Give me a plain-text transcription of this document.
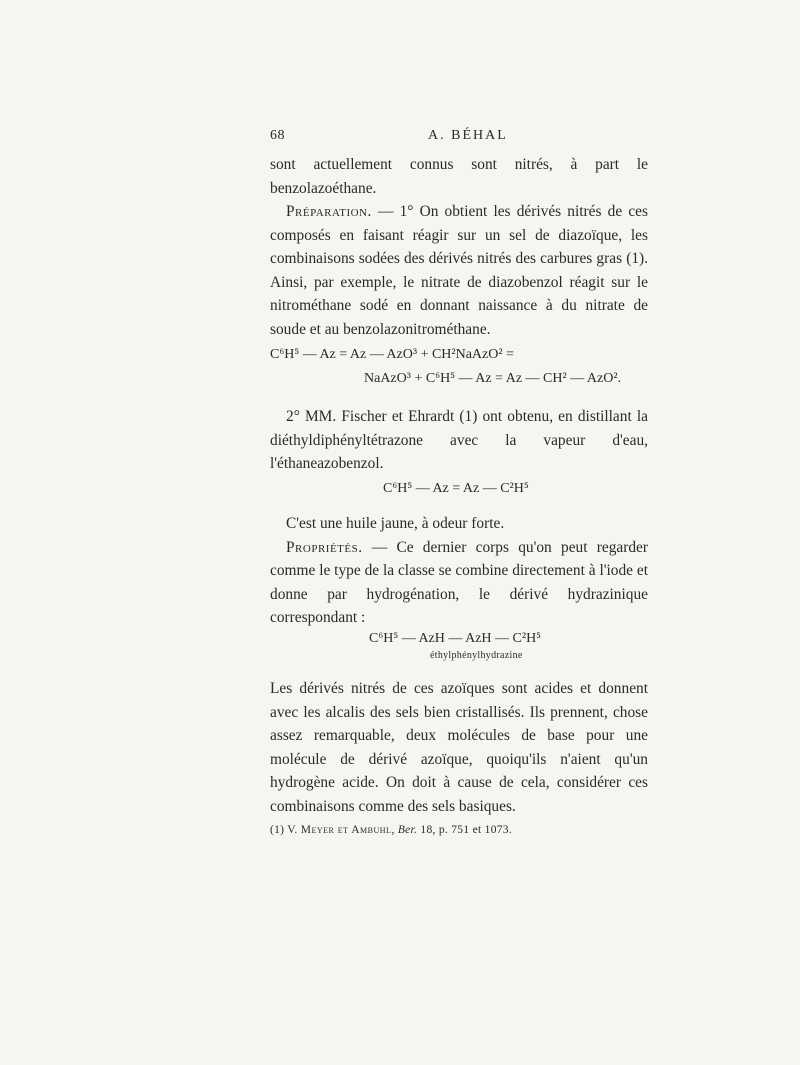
68	A. BÉHAL

sont actuellement connus sont nitrés, à part le benzolazoéthane.

Préparation. — 1° On obtient les dérivés nitrés de ces composés en faisant réagir sur un sel de diazoïque, les combinaisons sodées des dérivés nitrés des carbures gras (1). Ainsi, par exemple, le nitrate de diazobenzol réagit sur le nitrométhane sodé en donnant naissance à du nitrate de soude et au benzolazonitrométhane.

C⁶H⁵ — Az = Az — AzO³ + CH²NaAzO² =
NaAzO³ + C⁶H⁵ — Az = Az — CH² — AzO².

2° MM. Fischer et Ehrardt (1) ont obtenu, en distillant la diéthyldiphényltétrazone avec la vapeur d'eau, l'éthaneazobenzol.

C⁶H⁵ — Az = Az — C²H⁵

C'est une huile jaune, à odeur forte.

Propriétés. — Ce dernier corps qu'on peut regarder comme le type de la classe se combine directement à l'iode et donne par hydrogénation, le dérivé hydrazinique correspondant :

C⁶H⁵ — AzH — AzH — C²H⁵
éthylphénylhydrazine

Les dérivés nitrés de ces azoïques sont acides et donnent avec les alcalis des sels bien cristallisés. Ils prennent, chose assez remarquable, deux molécules de base pour une molécule de dérivé azoïque, quoiqu'ils n'aient qu'un hydrogène acide. On doit à cause de cela, considérer ces combinaisons comme des sels basiques.

(1) V. Meyer et Ambuhl, Ber. 18, p. 751 et 1073.
